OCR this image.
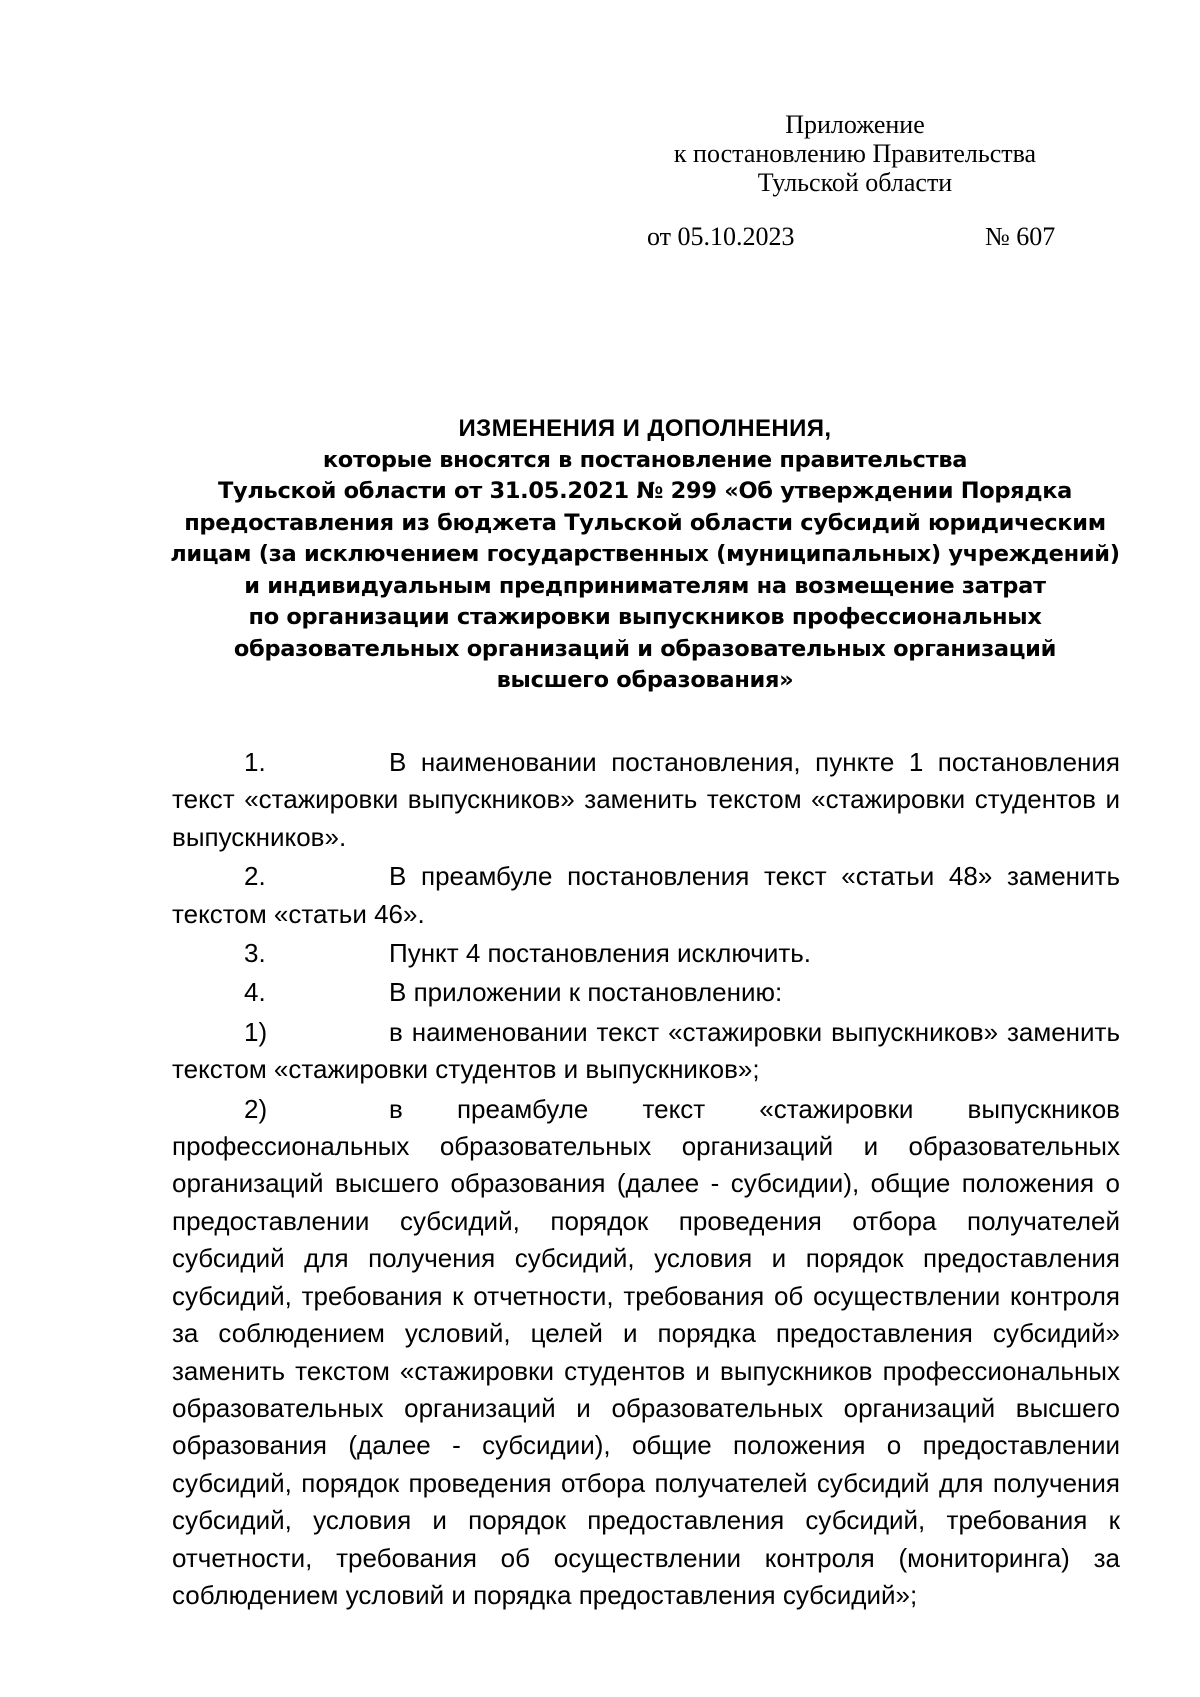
Приложение
к постановлению Правительства
Тульской области
от 05.10.2023	№ 607
ИЗМЕНЕНИЯ И ДОПОЛНЕНИЯ,
которые вносятся в постановление правительства
Тульской области от 31.05.2021 № 299 «Об утверждении Порядка
предоставления из бюджета Тульской области субсидий юридическим
лицам (за исключением государственных (муниципальных) учреждений)
и индивидуальным предпринимателям на возмещение затрат
по организации стажировки выпускников профессиональных
образовательных организаций и образовательных организаций
высшего образования»

1.	В наименовании постановления, пункте 1 постановления текст «стажировки выпускников» заменить текстом «стажировки студентов и выпускников».

2.	В преамбуле постановления текст «статьи 48» заменить текстом «статьи 46».

3.	Пункт 4 постановления исключить.

4.	В приложении к постановлению:

1)	в наименовании текст «стажировки выпускников» заменить текстом «стажировки студентов и выпускников»;

2)	в преамбуле текст «стажировки выпускников профессиональных образовательных организаций и образовательных организаций высшего образования (далее - субсидии), общие положения о предоставлении субсидий, порядок проведения отбора получателей субсидий для получения субсидий, условия и порядок предоставления субсидий, требования к отчетности, требования об осуществлении контроля за соблюдением условий, целей и порядка предоставления субсидий» заменить текстом «стажировки студентов и выпускников профессиональных образовательных организаций и образовательных организаций высшего образования (далее - субсидии), общие положения о предоставлении субсидий, порядок проведения отбора получателей субсидий для получения субсидий, условия и порядок предоставления субсидий, требования к отчетности, требования об осуществлении контроля (мониторинга) за соблюдением условий и порядка предоставления субсидий»;
